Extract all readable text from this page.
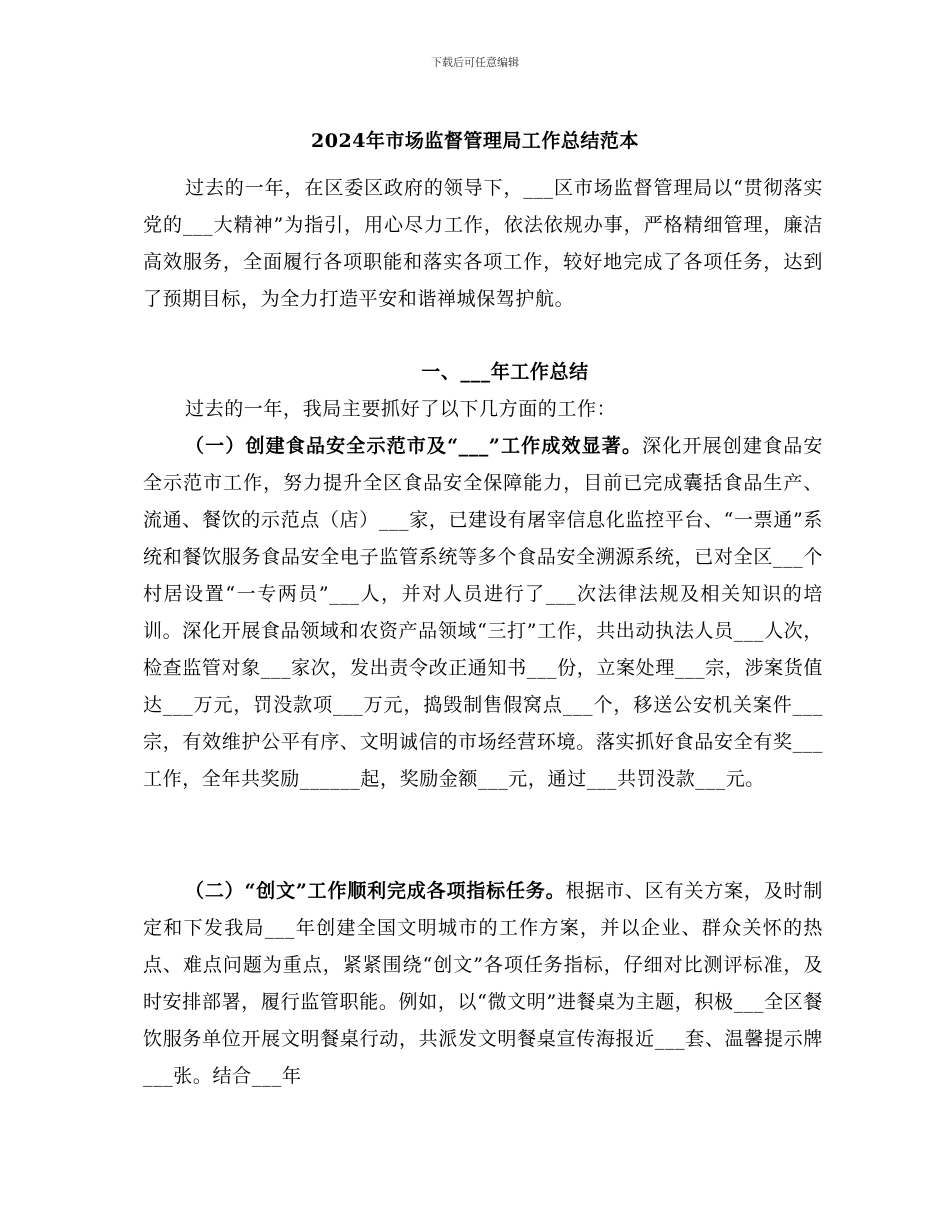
下载后可任意编辑
2024年市场监督管理局工作总结范本
过去的一年，在区委区政府的领导下，___区市场监督管理局以“贯彻落实党的___大精神”为指引，用心尽力工作，依法依规办事，严格精细管理，廉洁高效服务，全面履行各项职能和落实各项工作，较好地完成了各项任务，达到了预期目标，为全力打造平安和谐禅城保驾护航。
一、___年工作总结
过去的一年，我局主要抓好了以下几方面的工作：
（一）创建食品安全示范市及“___”工作成效显著。深化开展创建食品安全示范市工作，努力提升全区食品安全保障能力，目前已完成囊括食品生产、流通、餐饮的示范点（店）___家，已建设有屠宰信息化监控平台、“一票通”系统和餐饮服务食品安全电子监管系统等多个食品安全溯源系统，已对全区___个村居设置“一专两员”___人，并对人员进行了___次法律法规及相关知识的培训。深化开展食品领域和农资产品领域“三打”工作，共出动执法人员___人次，检查监管对象___家次，发出责令改正通知书___份，立案处理___宗，涉案货值达___万元，罚没款项___万元，捣毁制售假窝点___个，移送公安机关案件___宗，有效维护公平有序、文明诚信的市场经营环境。落实抓好食品安全有奖___工作，全年共奖励______起，奖励金额___元，通过___共罚没款___元。
（二）“创文”工作顺利完成各项指标任务。根据市、区有关方案，及时制定和下发我局___年创建全国文明城市的工作方案，并以企业、群众关怀的热点、难点问题为重点，紧紧围绕“创文”各项任务指标，仔细对比测评标准，及时安排部署，履行监管职能。例如，以“微文明”进餐桌为主题，积极___全区餐饮服务单位开展文明餐桌行动，共派发文明餐桌宣传海报近___套、温馨提示牌___张。结合___年
